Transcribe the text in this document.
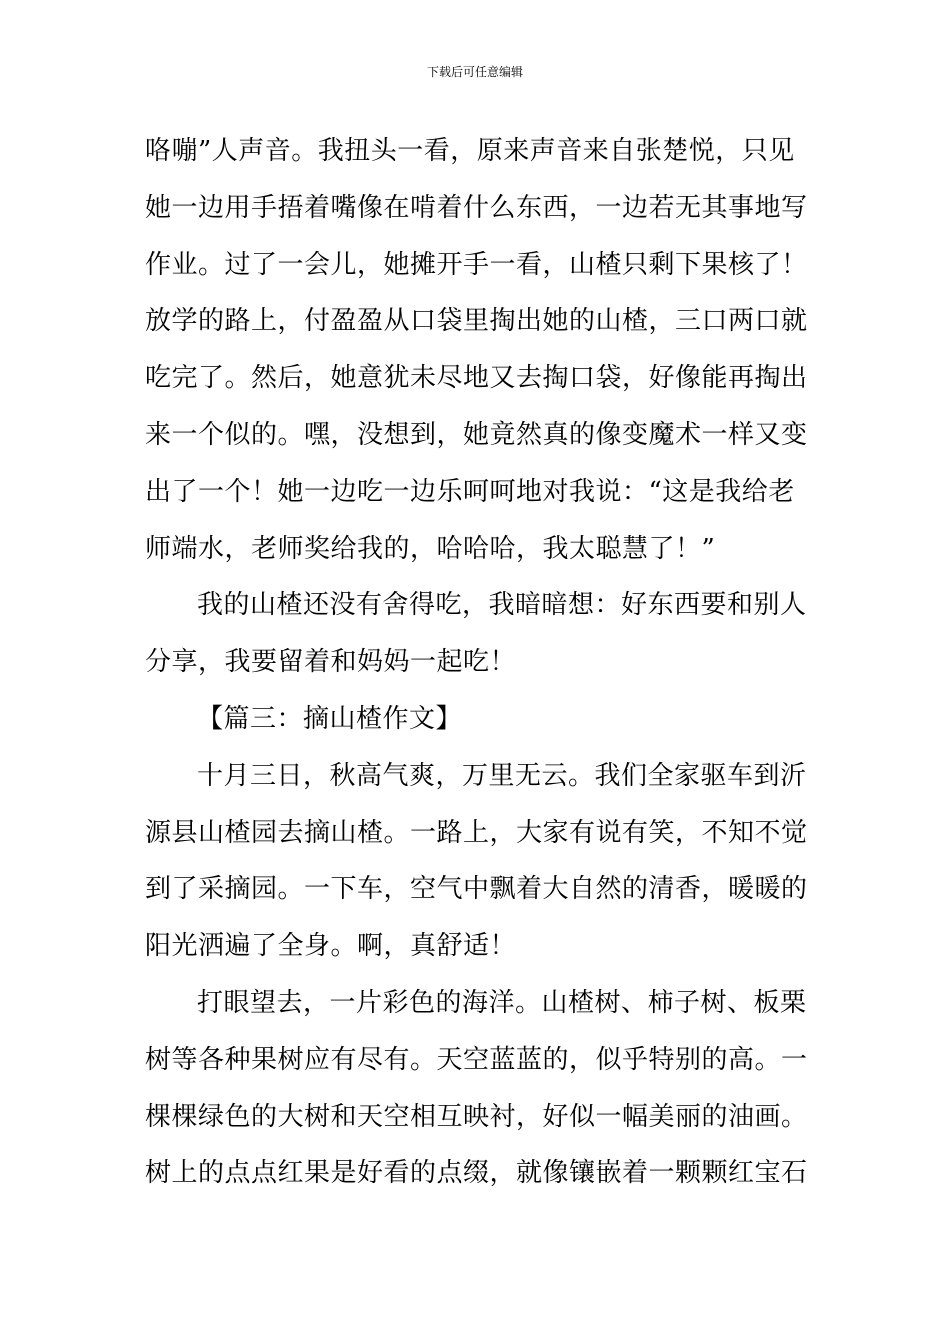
下载后可任意编辑
咯嘣”人声音。我扭头一看，原来声音来自张楚悦，只见
她一边用手捂着嘴像在啃着什么东西，一边若无其事地写
作业。过了一会儿，她摊开手一看，山楂只剩下果核了！
放学的路上，付盈盈从口袋里掏出她的山楂，三口两口就
吃完了。然后，她意犹未尽地又去掏口袋，好像能再掏出
来一个似的。嘿，没想到，她竟然真的像变魔术一样又变
出了一个！她一边吃一边乐呵呵地对我说：“这是我给老
师端水，老师奖给我的，哈哈哈，我太聪慧了！”
我的山楂还没有舍得吃，我暗暗想：好东西要和别人
分享，我要留着和妈妈一起吃！
【篇三：摘山楂作文】
十月三日，秋高气爽，万里无云。我们全家驱车到沂
源县山楂园去摘山楂。一路上，大家有说有笑，不知不觉
到了采摘园。一下车，空气中飘着大自然的清香，暖暖的
阳光洒遍了全身。啊，真舒适！
打眼望去，一片彩色的海洋。山楂树、柿子树、板栗
树等各种果树应有尽有。天空蓝蓝的，似乎特别的高。一
棵棵绿色的大树和天空相互映衬，好似一幅美丽的油画。
树上的点点红果是好看的点缀，就像镶嵌着一颗颗红宝石
